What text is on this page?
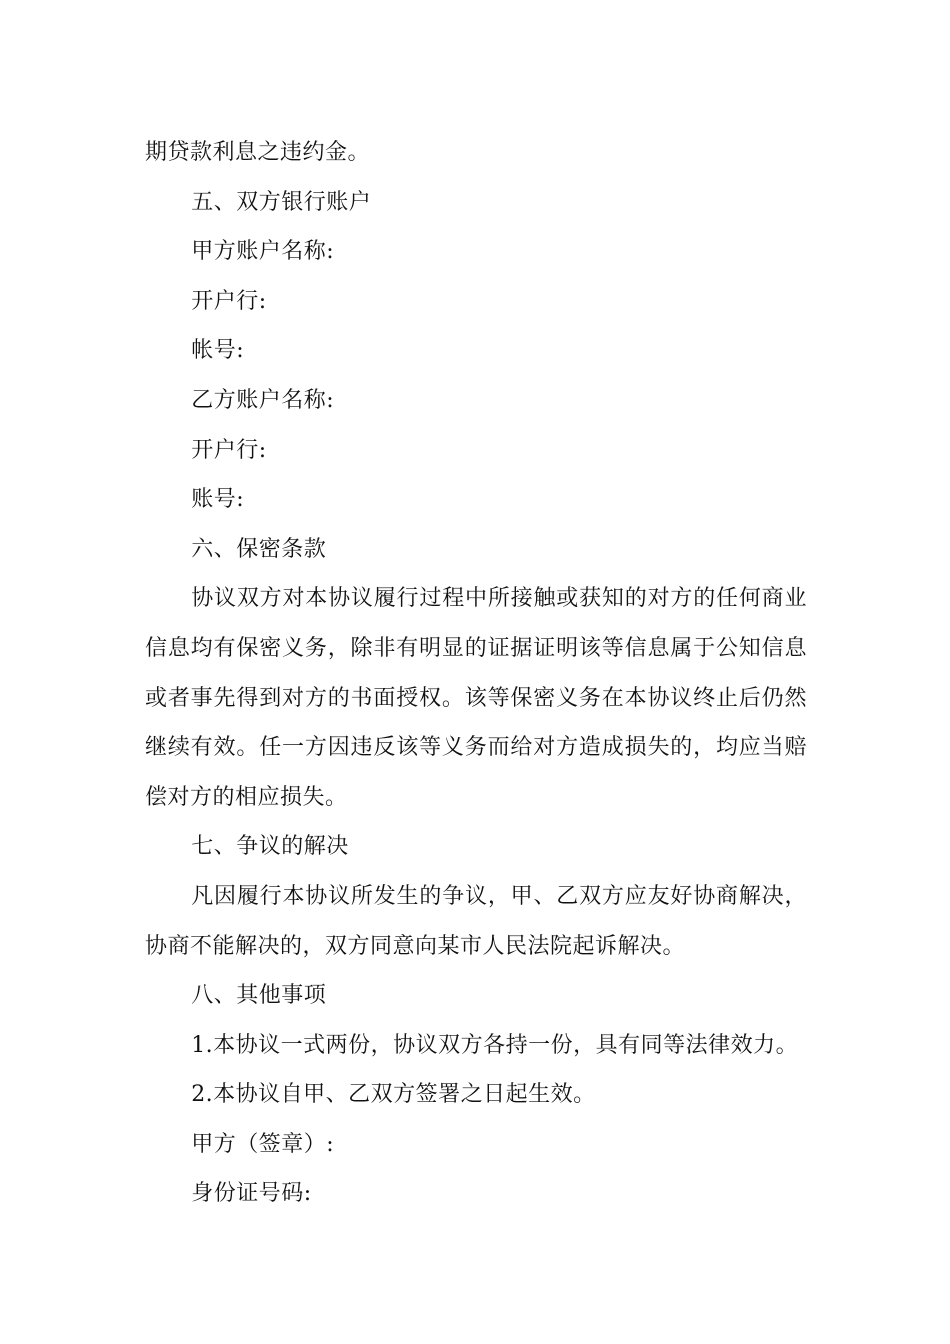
期贷款利息之违约金。

五、双方银行账户

甲方账户名称:

开户行:

帐号:

乙方账户名称:

开户行:

账号:

六、保密条款

协议双方对本协议履行过程中所接触或获知的对方的任何商业信息均有保密义务，除非有明显的证据证明该等信息属于公知信息或者事先得到对方的书面授权。该等保密义务在本协议终止后仍然继续有效。任一方因违反该等义务而给对方造成损失的，均应当赔偿对方的相应损失。

七、争议的解决

凡因履行本协议所发生的争议，甲、乙双方应友好协商解决，协商不能解决的，双方同意向某市人民法院起诉解决。

八、其他事项

1.本协议一式两份，协议双方各持一份，具有同等法律效力。

2.本协议自甲、乙双方签署之日起生效。

甲方（签章）:

身份证号码:
